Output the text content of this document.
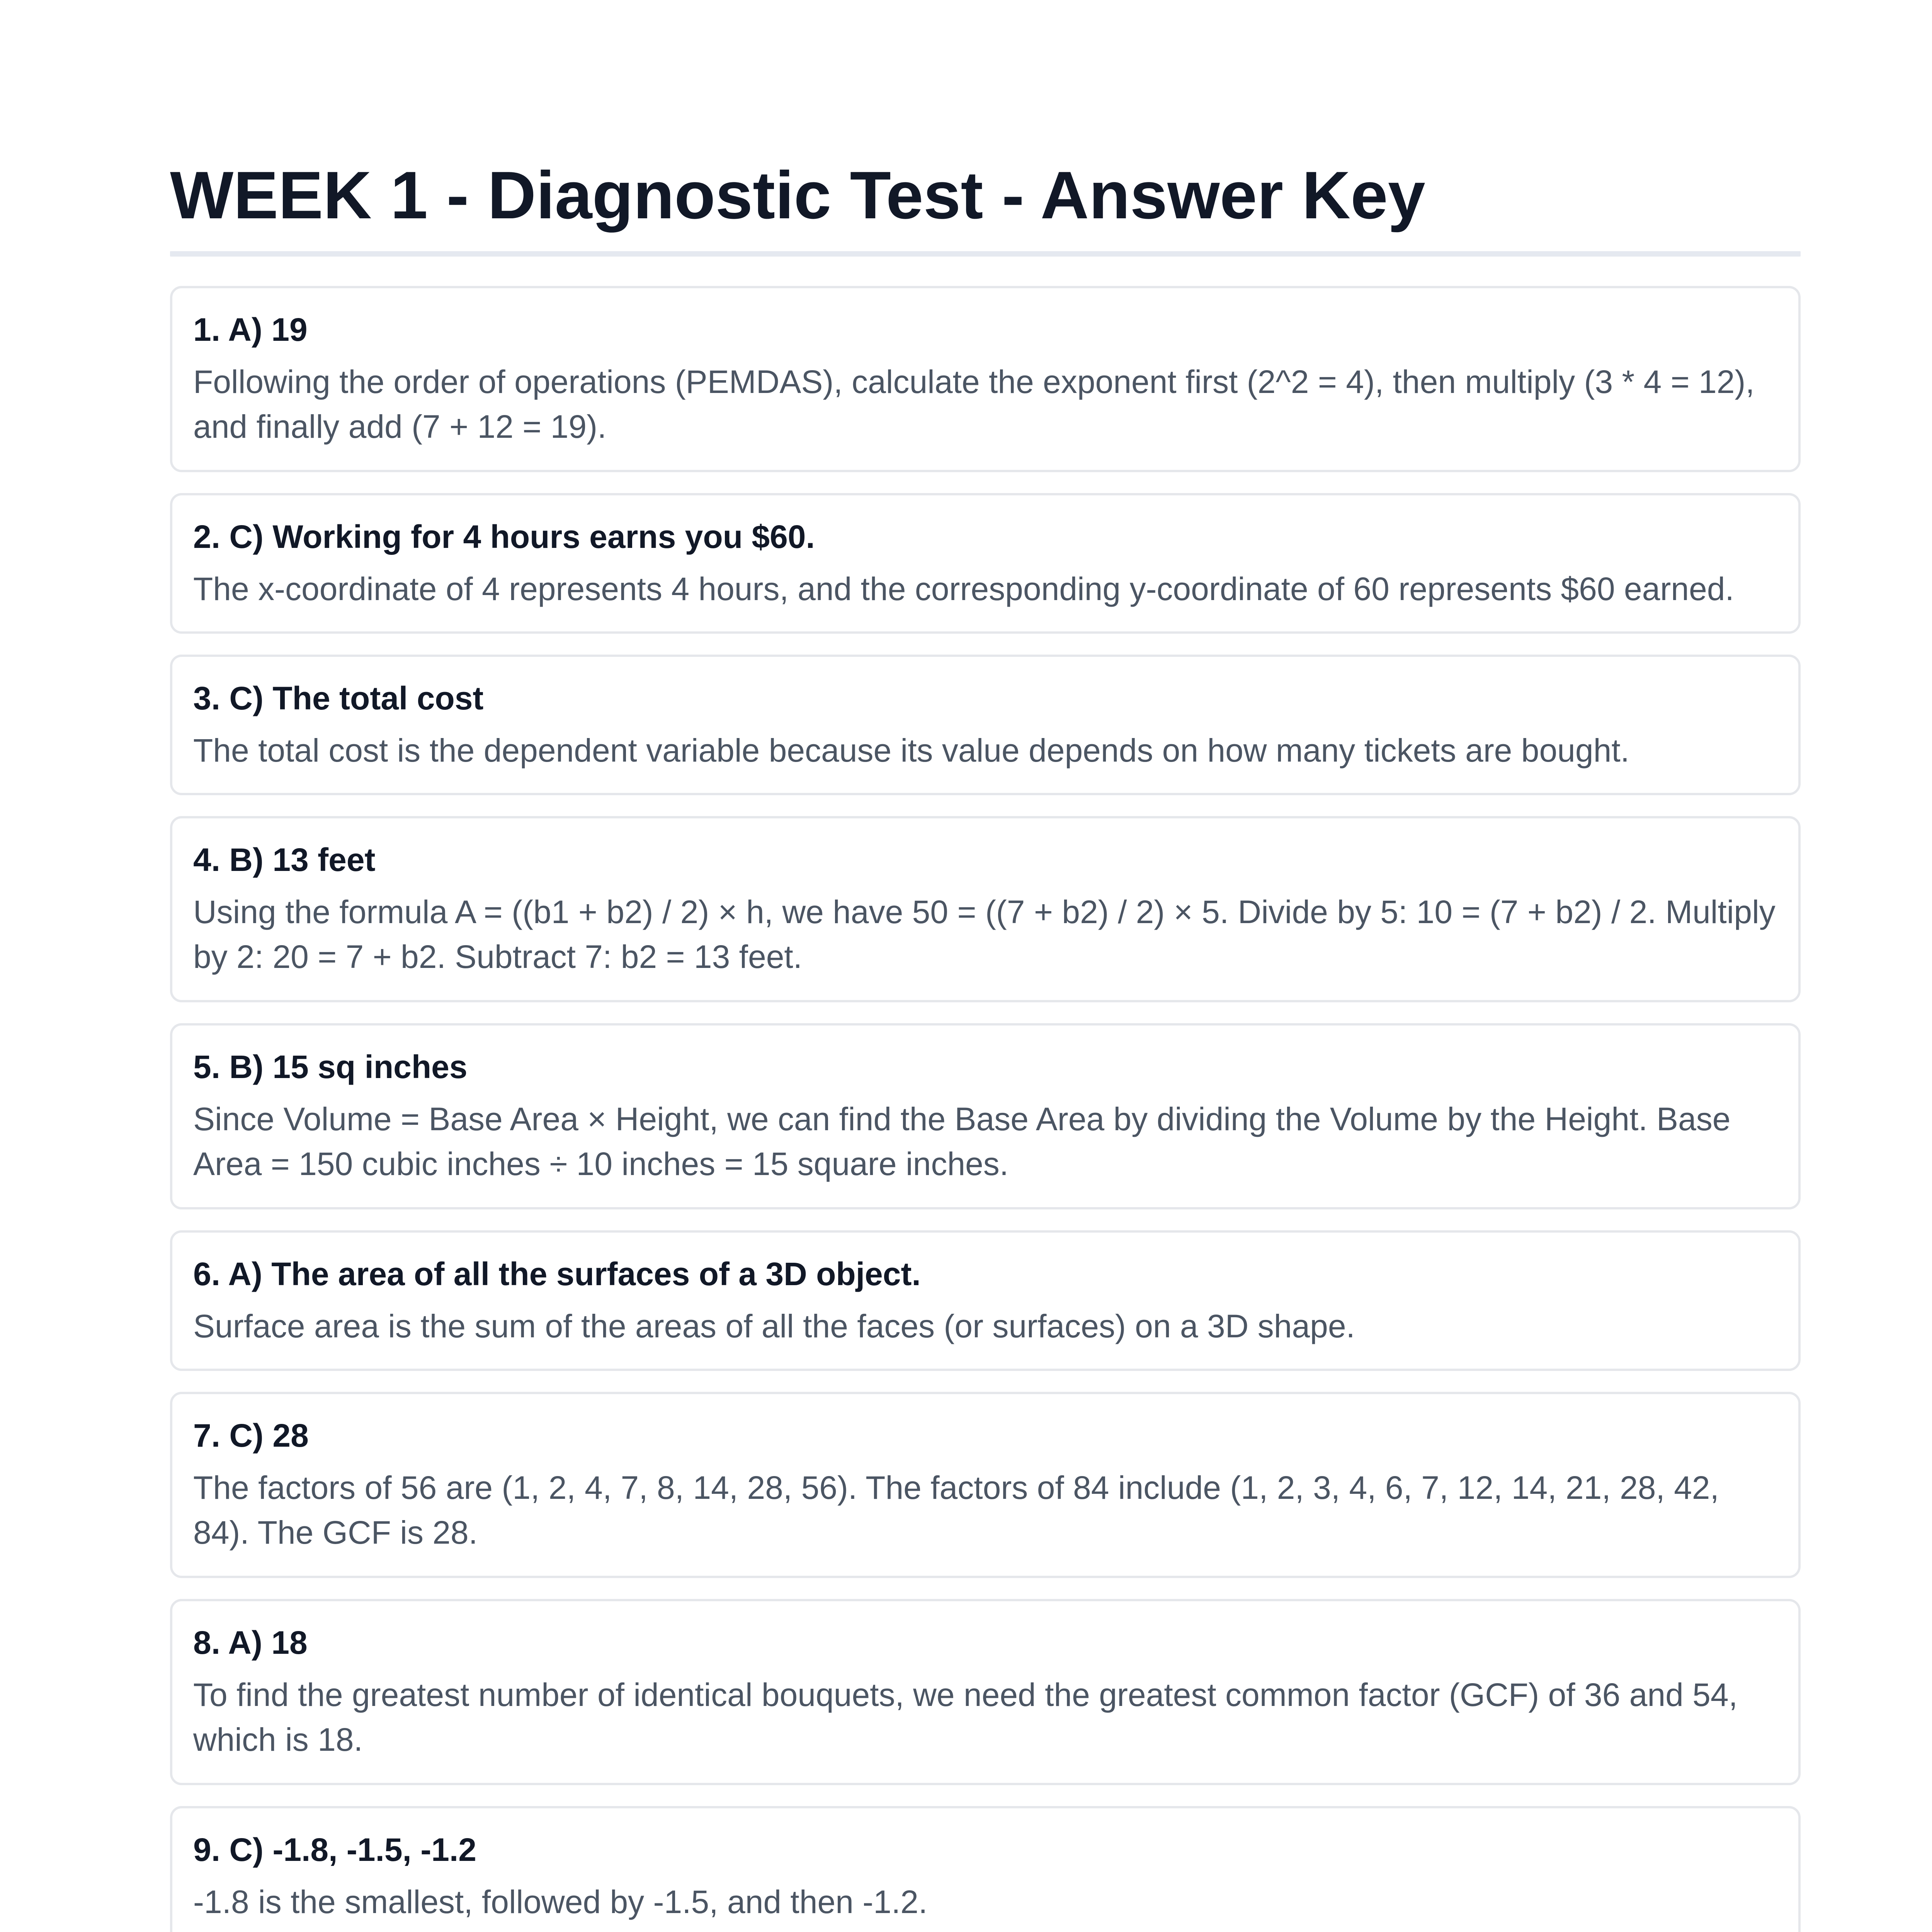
WEEK 1 - Diagnostic Test - Answer Key
1. A) 19
Following the order of operations (PEMDAS), calculate the exponent first (2^2 = 4), then multiply (3 * 4 = 12), and finally add (7 + 12 = 19).
2. C) Working for 4 hours earns you $60.
The x-coordinate of 4 represents 4 hours, and the corresponding y-coordinate of 60 represents $60 earned.
3. C) The total cost
The total cost is the dependent variable because its value depends on how many tickets are bought.
4. B) 13 feet
Using the formula A = ((b1 + b2) / 2) × h, we have 50 = ((7 + b2) / 2) × 5. Divide by 5: 10 = (7 + b2) / 2. Multiply by 2: 20 = 7 + b2. Subtract 7: b2 = 13 feet.
5. B) 15 sq inches
Since Volume = Base Area × Height, we can find the Base Area by dividing the Volume by the Height. Base Area = 150 cubic inches ÷ 10 inches = 15 square inches.
6. A) The area of all the surfaces of a 3D object.
Surface area is the sum of the areas of all the faces (or surfaces) on a 3D shape.
7. C) 28
The factors of 56 are (1, 2, 4, 7, 8, 14, 28, 56). The factors of 84 include (1, 2, 3, 4, 6, 7, 12, 14, 21, 28, 42, 84). The GCF is 28.
8. A) 18
To find the greatest number of identical bouquets, we need the greatest common factor (GCF) of 36 and 54, which is 18.
9. C) -1.8, -1.5, -1.2
-1.8 is the smallest, followed by -1.5, and then -1.2.
